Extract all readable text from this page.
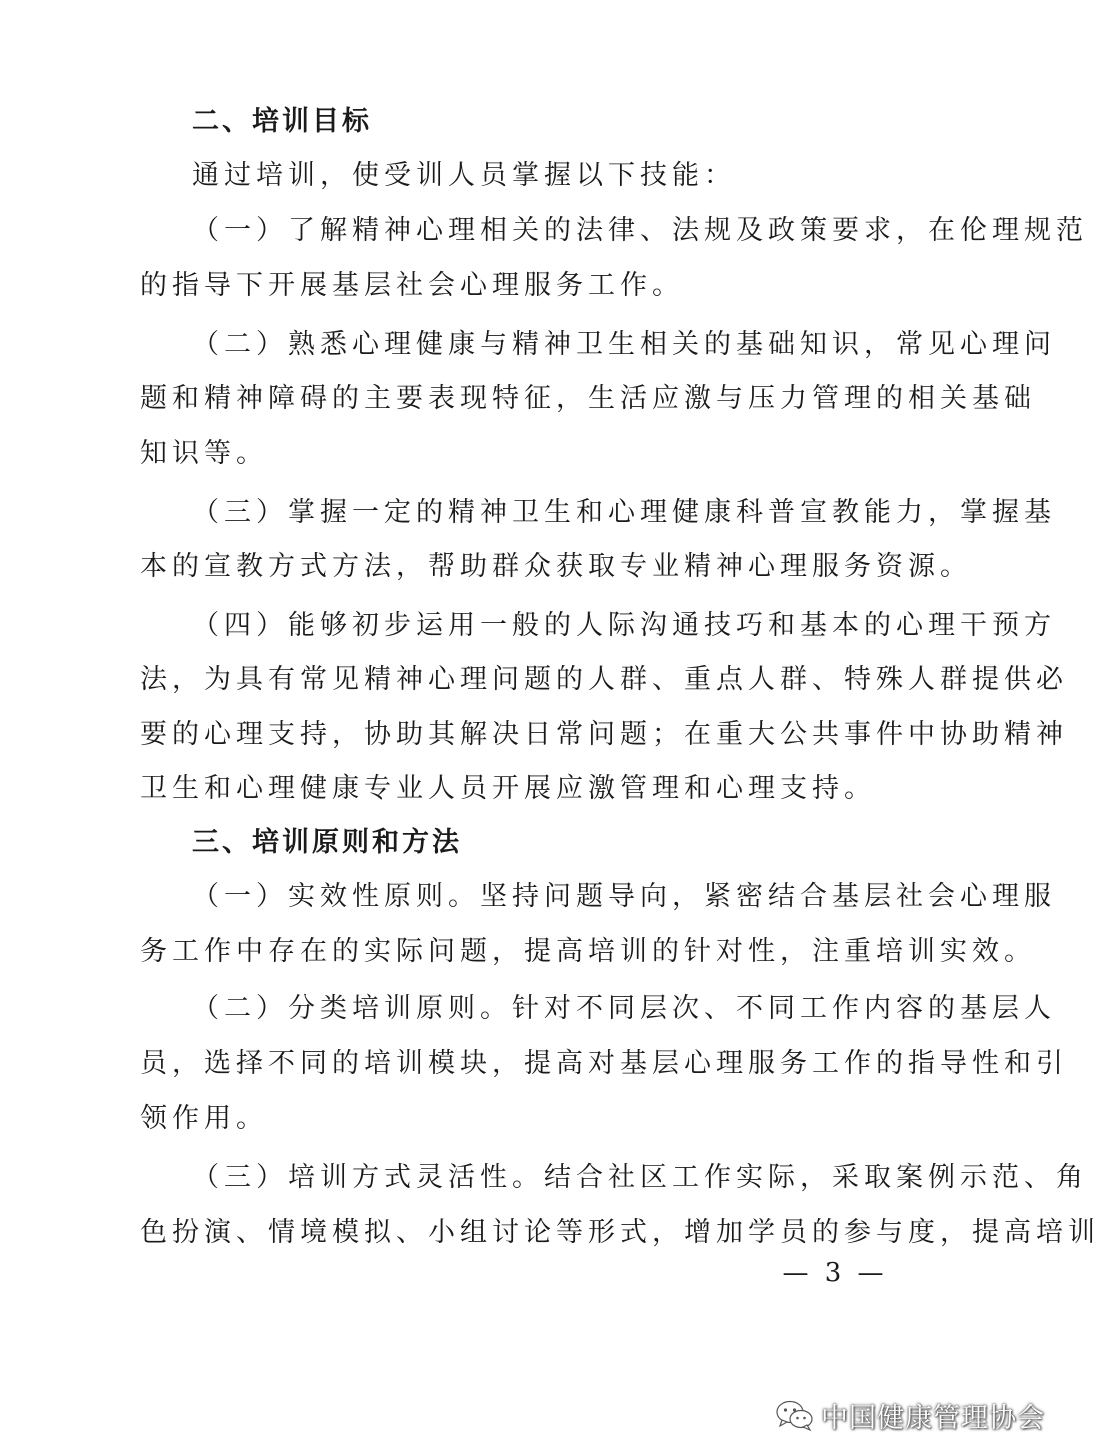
二、培训目标
通过培训，使受训人员掌握以下技能：
（一）了解精神心理相关的法律、法规及政策要求，在伦理规范
的指导下开展基层社会心理服务工作。
（二）熟悉心理健康与精神卫生相关的基础知识，常见心理问
题和精神障碍的主要表现特征，生活应激与压力管理的相关基础
知识等。
（三）掌握一定的精神卫生和心理健康科普宣教能力，掌握基
本的宣教方式方法，帮助群众获取专业精神心理服务资源。
（四）能够初步运用一般的人际沟通技巧和基本的心理干预方
法，为具有常见精神心理问题的人群、重点人群、特殊人群提供必
要的心理支持，协助其解决日常问题；在重大公共事件中协助精神
卫生和心理健康专业人员开展应激管理和心理支持。
三、培训原则和方法
（一）实效性原则。坚持问题导向，紧密结合基层社会心理服
务工作中存在的实际问题，提高培训的针对性，注重培训实效。
（二）分类培训原则。针对不同层次、不同工作内容的基层人
员，选择不同的培训模块，提高对基层心理服务工作的指导性和引
领作用。
（三）培训方式灵活性。结合社区工作实际，采取案例示范、角
色扮演、情境模拟、小组讨论等形式，增加学员的参与度，提高培训
— 3 —
中国健康管理协会
